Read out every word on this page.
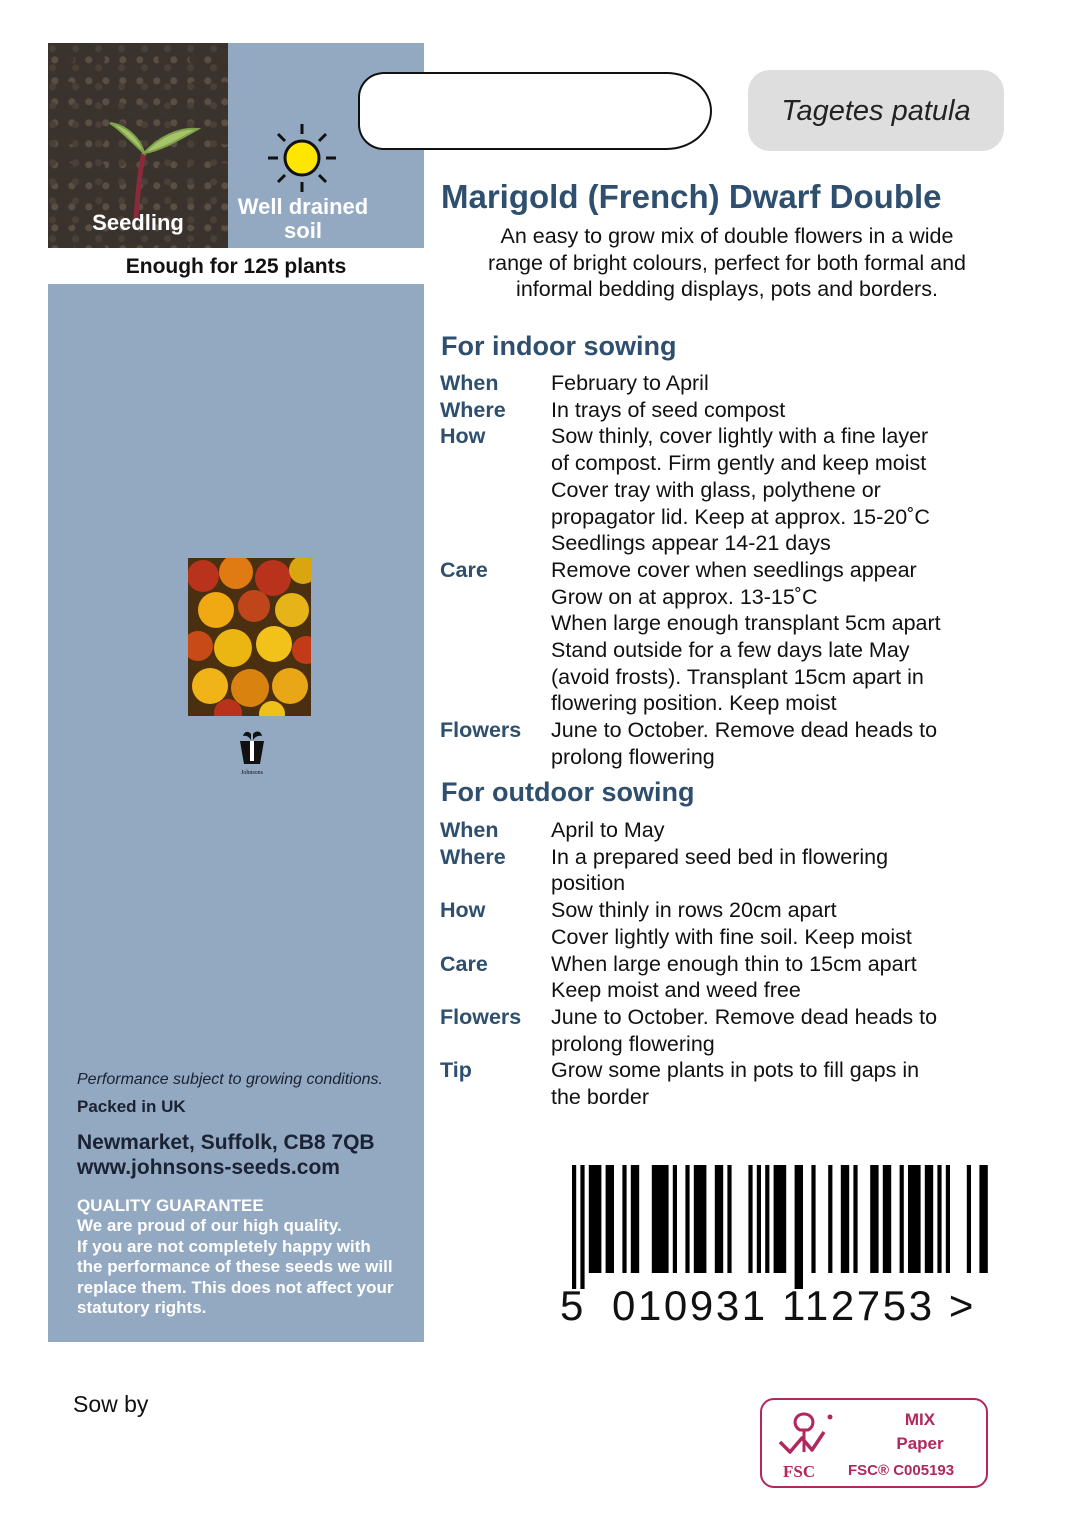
Seedling
Well drained soil
Enough for 125 plants
Johnsons
Performance subject to growing conditions.
Packed in UK
Newmarket, Suffolk, CB8 7QB
www.johnsons-seeds.com
QUALITY GUARANTEE
We are proud of our high quality.
If you are not completely happy with
the performance of these seeds we will
replace them. This does not affect your
statutory rights.
Sow by
Tagetes patula
Marigold (French) Dwarf Double
An easy to grow mix of double flowers in a wide
range of bright colours, perfect for both formal and
informal bedding displays, pots and borders.
For indoor sowing
When	February to April
Where	In trays of seed compost
How	Sow thinly, cover lightly with a fine layer
of compost. Firm gently and keep moist
Cover tray with glass, polythene or
propagator lid. Keep at approx. 15-20˚C
Seedlings appear 14-21 days
Care	Remove cover when seedlings appear
Grow on at approx. 13-15˚C
When large enough transplant 5cm apart
Stand outside for a few days late May
(avoid frosts). Transplant 15cm apart in
flowering position. Keep moist
Flowers	June to October. Remove dead heads to
prolong flowering
For outdoor sowing
When	April to May
Where	In a prepared seed bed in flowering
position
How	Sow thinly in rows 20cm apart
Cover lightly with fine soil. Keep moist
Care	When large enough thin to 15cm apart
Keep moist and weed free
Flowers	June to October. Remove dead heads to
prolong flowering
Tip	Grow some plants in pots to fill gaps in
the border
5 010931 112753 >
FSC
MIX
Paper
FSC® C005193
